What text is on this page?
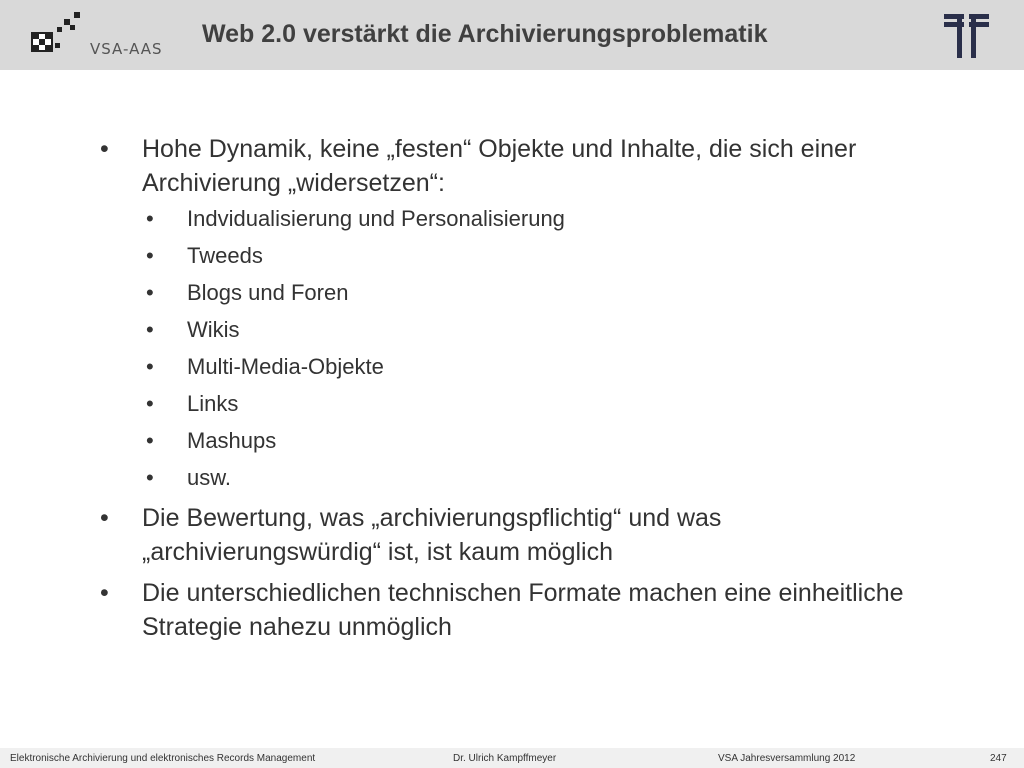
VSA-AAS
Web 2.0 verstärkt die Archivierungsproblematik
• Hohe Dynamik, keine „festen“ Objekte und Inhalte, die sich einer Archivierung „widersetzen“:
• Indvidualisierung und Personalisierung
• Tweeds
• Blogs und Foren
• Wikis
• Multi-Media-Objekte
• Links
• Mashups
• usw.
• Die Bewertung, was „archivierungspflichtig“ und was „archivierungswürdig“ ist, ist kaum möglich
• Die unterschiedlichen technischen Formate machen eine einheitliche Strategie nahezu unmöglich
Elektronische Archivierung und elektronisches Records Management	Dr. Ulrich Kampffmeyer	VSA Jahresversammlung 2012	247
